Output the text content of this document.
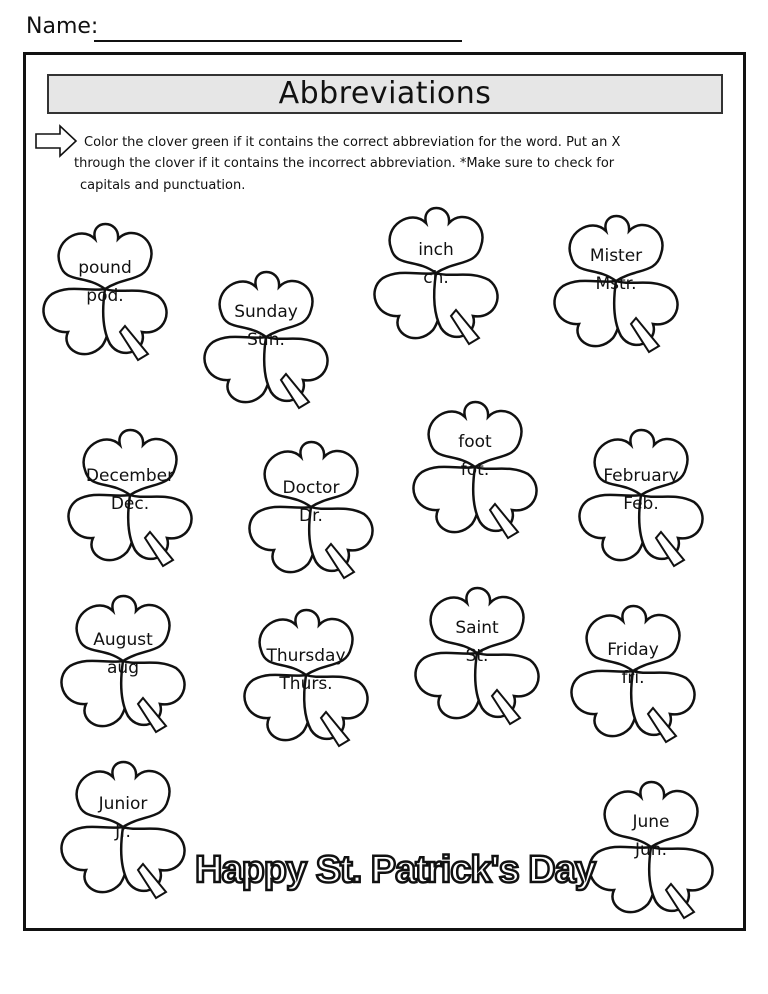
Name:
Abbreviations
Color the clover green if it contains the correct abbreviation for the word. Put an X
through the clover if it contains the incorrect abbreviation. *Make sure to check for
capitals and punctuation.
pound
pod.
Sunday
Sun.
inch
ch.
Mister
Mstr.
December
Dec.
Doctor
Dr.
foot
fot.	February
Feb.
August
aug
Thursday
Thurs.
Saint
St.	Friday
fri.
Junior
Jr.	June
Jun.
Happy St. Patrick's Day
